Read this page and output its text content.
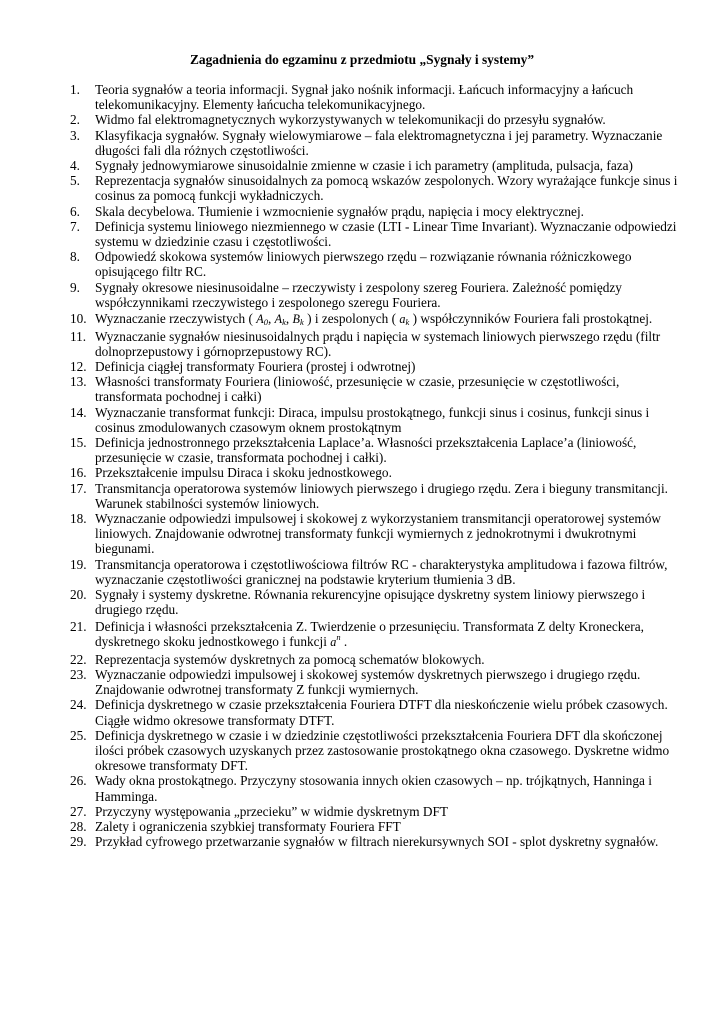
Zagadnienia do egzaminu z przedmiotu „Sygnały i systemy”
1.	Teoria sygnałów a teoria informacji. Sygnał jako nośnik informacji. Łańcuch informacyjny a łańcuch telekomunikacyjny. Elementy łańcucha telekomunikacyjnego.
2.	Widmo fal elektromagnetycznych wykorzystywanych w telekomunikacji do przesyłu sygnałów.
3.	Klasyfikacja sygnałów. Sygnały wielowymiarowe – fala elektromagnetyczna i jej parametry. Wyznaczanie długości fali dla różnych częstotliwości.
4.	Sygnały jednowymiarowe sinusoidalnie zmienne w czasie i ich parametry (amplituda, pulsacja, faza)
5.	Reprezentacja sygnałów sinusoidalnych za pomocą wskazów zespolonych. Wzory wyrażające funkcje sinus i cosinus za pomocą funkcji wykładniczych.
6.	Skala decybelowa. Tłumienie i wzmocnienie sygnałów prądu, napięcia i mocy elektrycznej.
7.	Definicja systemu liniowego niezmiennego w czasie (LTI - Linear Time Invariant). Wyznaczanie odpowiedzi systemu w dziedzinie czasu i częstotliwości.
8.	Odpowiedź skokowa systemów liniowych pierwszego rzędu – rozwiązanie równania różniczkowego opisującego filtr RC.
9.	Sygnały okresowe niesinusoidalne – rzeczywisty i zespolony szereg Fouriera. Zależność pomiędzy współczynnikami rzeczywistego i zespolonego szeregu Fouriera.
10. Wyznaczanie rzeczywistych ( $A_0$, $A_k$, $B_k$ ) i zespolonych ( $a_k$ ) współczynników Fouriera fali prostokątnej.
11. Wyznaczanie sygnałów niesinusoidalnych prądu i napięcia w systemach liniowych pierwszego rzędu (filtr dolnoprzepustowy i górnoprzepustowy RC).
12. Definicja ciągłej transformaty Fouriera (prostej i odwrotnej)
13. Własności transformaty Fouriera (liniowość, przesunięcie w czasie, przesunięcie w częstotliwości, transformata pochodnej i całki)
14. Wyznaczanie transformat funkcji: Diraca, impulsu prostokątnego, funkcji sinus i cosinus, funkcji sinus i cosinus zmodulowanych czasowym oknem prostokątnym
15. Definicja jednostronnego przekształcenia Laplace’a. Własności przekształcenia Laplace’a (liniowość, przesunięcie w czasie, transformata pochodnej i całki).
16. Przekształcenie impulsu Diraca i skoku jednostkowego.
17. Transmitancja operatorowa systemów liniowych pierwszego i drugiego rzędu. Zera i bieguny transmitancji. Warunek stabilności systemów liniowych.
18. Wyznaczanie odpowiedzi impulsowej i skokowej z wykorzystaniem transmitancji operatorowej systemów liniowych. Znajdowanie odwrotnej transformaty funkcji wymiernych z jednokrotnymi i dwukrotnymi biegunami.
19. Transmitancja operatorowa i częstotliwościowa filtrów RC - charakterystyka amplitudowa i fazowa filtrów, wyznaczanie częstotliwości granicznej na podstawie kryterium tłumienia 3 dB.
20. Sygnały i systemy dyskretne. Równania rekurencyjne opisujące dyskretny system liniowy pierwszego i drugiego rzędu.
21. Definicja i własności przekształcenia Z. Twierdzenie o przesunięciu. Transformata Z delty Kroneckera, dyskretnego skoku jednostkowego i funkcji $a^n$ .
22. Reprezentacja systemów dyskretnych za pomocą schematów blokowych.
23. Wyznaczanie odpowiedzi impulsowej i skokowej systemów dyskretnych pierwszego i drugiego rzędu. Znajdowanie odwrotnej transformaty Z funkcji wymiernych.
24. Definicja dyskretnego w czasie przekształcenia Fouriera DTFT dla nieskończenie wielu próbek czasowych. Ciągłe widmo okresowe transformaty DTFT.
25. Definicja dyskretnego w czasie i w dziedzinie częstotliwości przekształcenia Fouriera DFT dla skończonej ilości próbek czasowych uzyskanych przez zastosowanie prostokątnego okna czasowego. Dyskretne widmo okresowe transformaty DFT.
26. Wady okna prostokątnego. Przyczyny stosowania innych okien czasowych – np. trójkątnych, Hanninga i Hamminga.
27. Przyczyny występowania „przecieku” w widmie dyskretnym DFT
28. Zalety i ograniczenia szybkiej transformaty Fouriera FFT
29. Przykład cyfrowego przetwarzanie sygnałów w filtrach nierekursywnych SOI - splot dyskretny sygnałów.
